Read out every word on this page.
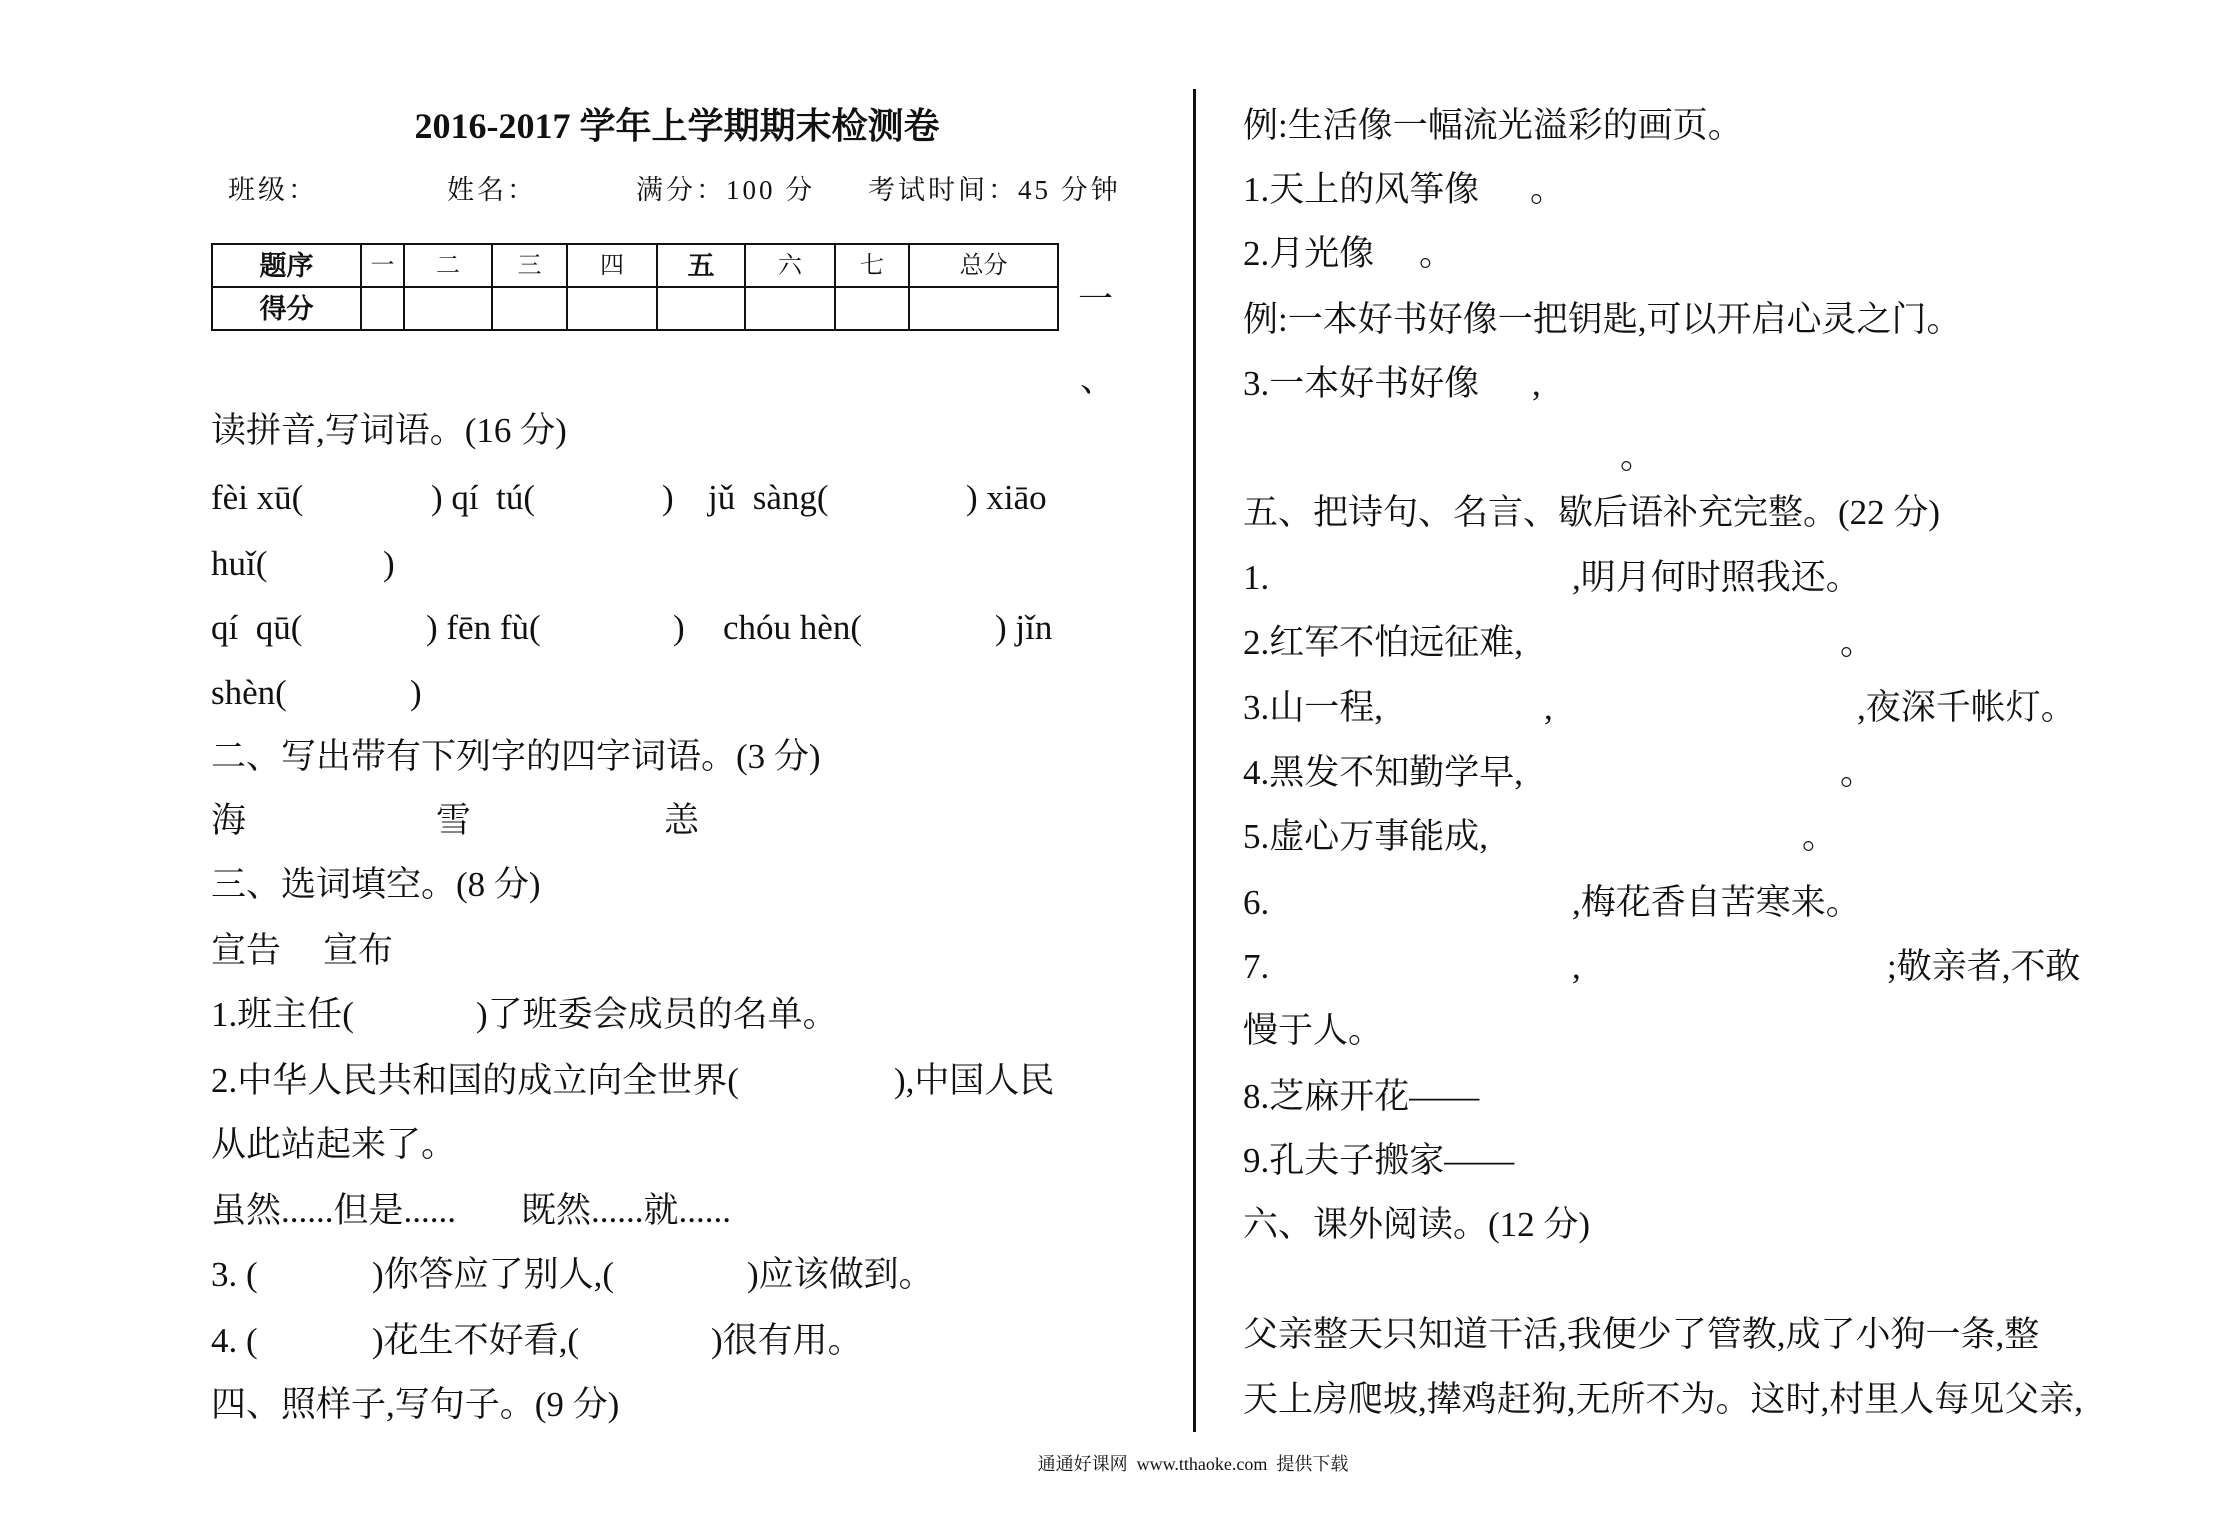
2016-2017 学年上学期期末检测卷
班级：	姓名：	满分：100 分 考试时间：45 分钟
题序	一	二	三	四	五	六	七	总分
得分									一
、
读拼音,写词语。(16 分)
fèi xū(	) qí  tú(	) jǔ  sàng(	) xiāo
huǐ(	)
qí  qū(	) fēn fù(	) chóu hèn(	) jǐn
shèn(	)
二、写出带有下列字的四字词语。(3 分)
海	雪	恙
三、选词填空。(8 分)
宣告 宣布
1.班主任(	)了班委会成员的名单。
2.中华人民共和国的成立向全世界(	),中国人民
从此站起来了。
虽然......但是...... 既然......就......
3. (	)你答应了别人,(	)应该做到。
4. (	)花生不好看,(	)很有用。
四、照样子,写句子。(9 分)
例:生活像一幅流光溢彩的画页。
1.天上的风筝像 。
2.月光像 。
例:一本好书好像一把钥匙,可以开启心灵之门。
3.一本好书好像 ,
。
五、把诗句、名言、歇后语补充完整。(22 分)
1.	,明月何时照我还。
2.红军不怕远征难,	。
3.山一程,	,	,夜深千帐灯。
4.黑发不知勤学早,	。
5.虚心万事能成,	。
6.	,梅花香自苦寒来。
7.	,	;敬亲者,不敢
慢于人。
8.芝麻开花——
9.孔夫子搬家——
六、课外阅读。(12 分)
父亲整天只知道干活,我便少了管教,成了小狗一条,整
天上房爬坡,撵鸡赶狗,无所不为。这时,村里人每见父亲,
通通好课网  www.tthaoke.com  提供下载
